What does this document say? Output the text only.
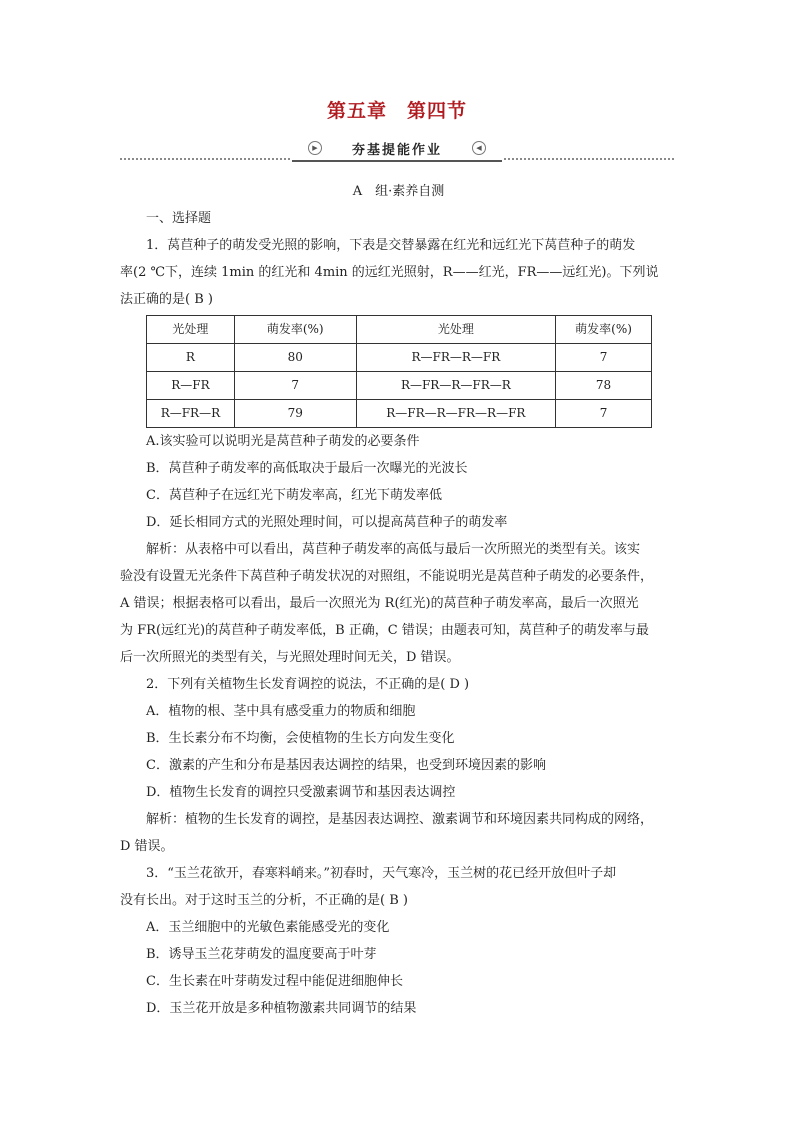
第五章　第四节
▶	夯基提能作业	◀

A　组·素养自测

一、选择题

1．莴苣种子的萌发受光照的影响，下表是交替暴露在红光和远红光下莴苣种子的萌发

率(2 ℃下，连续 1min 的红光和 4min 的远红光照射，R——红光，FR——远红光)。下列说

法正确的是( B )

光处理	萌发率(%)	光处理	萌发率(%)
R	80	R—FR—R—FR	7
R—FR	7	R—FR—R—FR—R	78
R—FR—R	79	R—FR—R—FR—R—FR	7

A.该实验可以说明光是莴苣种子萌发的必要条件

B．莴苣种子萌发率的高低取决于最后一次曝光的光波长

C．莴苣种子在远红光下萌发率高，红光下萌发率低

D．延长相同方式的光照处理时间，可以提高莴苣种子的萌发率

解析：从表格中可以看出，莴苣种子萌发率的高低与最后一次所照光的类型有关。该实

验没有设置无光条件下莴苣种子萌发状况的对照组，不能说明光是莴苣种子萌发的必要条件，

A 错误；根据表格可以看出，最后一次照光为 R(红光)的莴苣种子萌发率高，最后一次照光

为 FR(远红光)的莴苣种子萌发率低，B 正确，C 错误；由题表可知，莴苣种子的萌发率与最

后一次所照光的类型有关，与光照处理时间无关，D 错误。

2．下列有关植物生长发育调控的说法，不正确的是( D )

A．植物的根、茎中具有感受重力的物质和细胞

B．生长素分布不均衡，会使植物的生长方向发生变化

C．激素的产生和分布是基因表达调控的结果，也受到环境因素的影响

D．植物生长发育的调控只受激素调节和基因表达调控

解析：植物的生长发育的调控，是基因表达调控、激素调节和环境因素共同构成的网络，

D 错误。

3．“玉兰花欲开，春寒料峭来。”初春时，天气寒冷，玉兰树的花已经开放但叶子却

没有长出。对于这时玉兰的分析，不正确的是( B )

A．玉兰细胞中的光敏色素能感受光的变化

B．诱导玉兰花芽萌发的温度要高于叶芽

C．生长素在叶芽萌发过程中能促进细胞伸长

D．玉兰花开放是多种植物激素共同调节的结果
